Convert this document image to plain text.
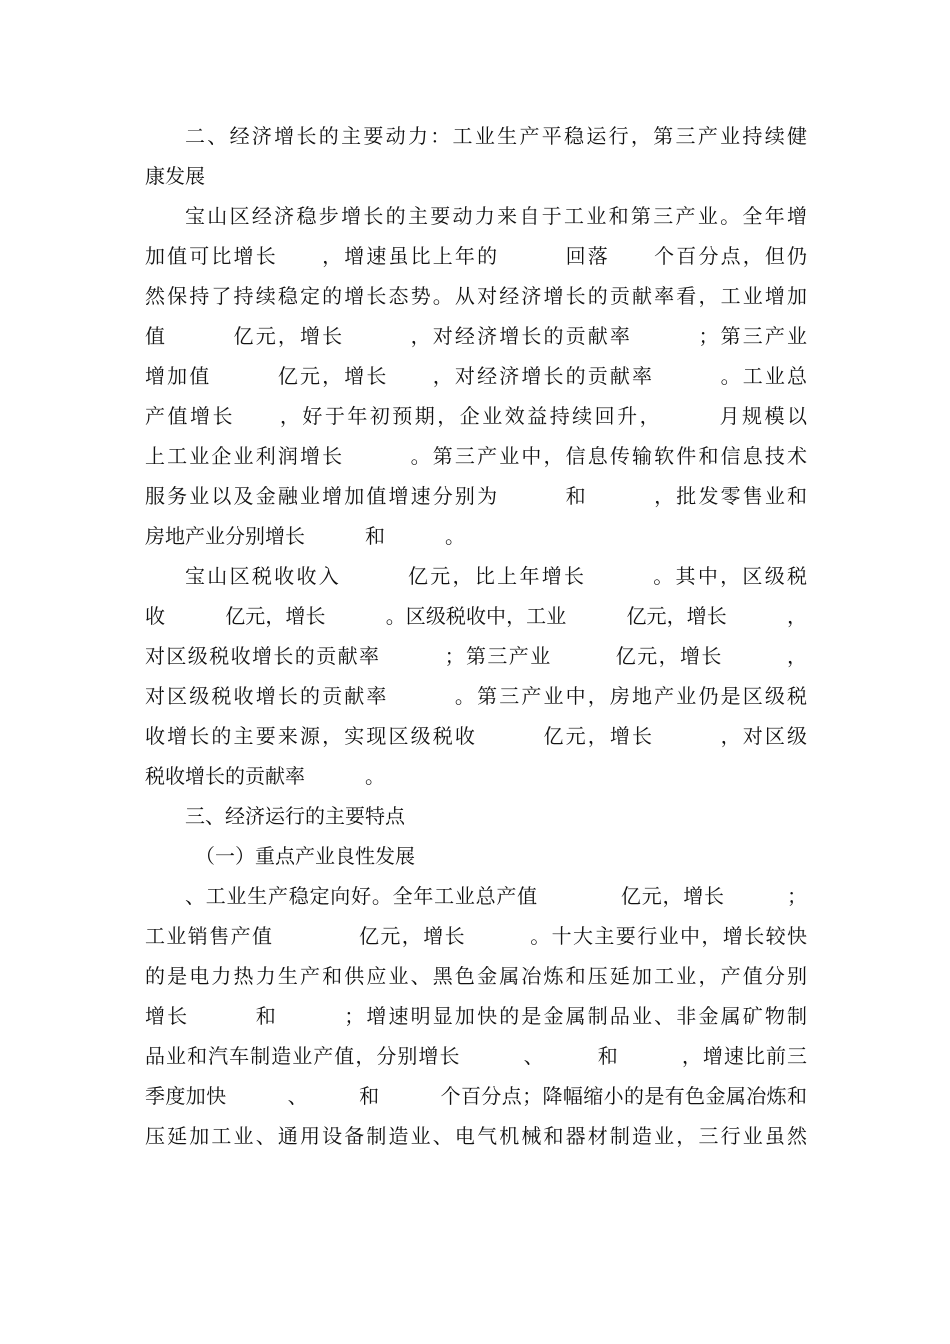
二、经济增长的主要动力：工业生产平稳运行，第三产业持续健
康发展
宝山区经济稳步增长的主要动力来自于工业和第三产业。全年增
加值可比增长　　，增速虽比上年的　　　回落　　个百分点，但仍
然保持了持续稳定的增长态势。从对经济增长的贡献率看，工业增加
值　　　亿元，增长　　　，对经济增长的贡献率　　　；第三产业
增加值　　　亿元，增长　　，对经济增长的贡献率　　　。工业总
产值增长　　，好于年初预期，企业效益持续回升，　　　月规模以
上工业企业利润增长　　　。第三产业中，信息传输软件和信息技术
服务业以及金融业增加值增速分别为　　　和　　　，批发零售业和
房地产业分别增长　　　和　　　。
宝山区税收收入　　　亿元，比上年增长　　　。其中，区级税
收　　　亿元，增长　　　。区级税收中，工业　　　亿元，增长　　　，
对区级税收增长的贡献率　　　；第三产业　　　亿元，增长　　　，
对区级税收增长的贡献率　　　。第三产业中，房地产业仍是区级税
收增长的主要来源，实现区级税收　　　亿元，增长　　　，对区级
税收增长的贡献率　　　。
三、经济运行的主要特点
（一）重点产业良性发展
、工业生产稳定向好。全年工业总产值　　　　亿元，增长　　　；
工业销售产值　　　　亿元，增长　　　。十大主要行业中，增长较快
的是电力热力生产和供应业、黑色金属冶炼和压延加工业，产值分别
增长　　　和　　　；增速明显加快的是金属制品业、非金属矿物制
品业和汽车制造业产值，分别增长　　　、　　　和　　　，增速比前三
季度加快　　　、　　　和　　　个百分点；降幅缩小的是有色金属冶炼和
压延加工业、通用设备制造业、电气机械和器材制造业，三行业虽然
